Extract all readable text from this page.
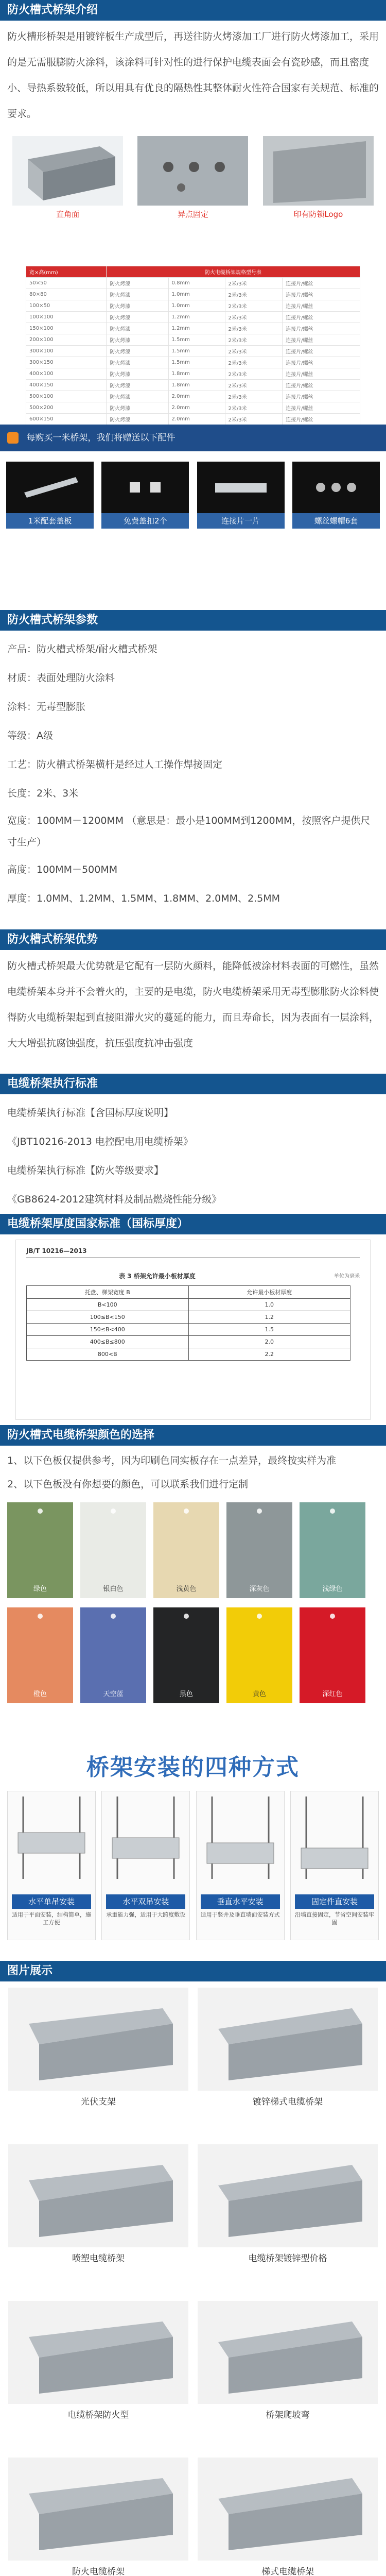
防火槽式桥架介绍
防火槽形桥架是用镀锌板生产成型后，再送往防火烤漆加工厂进行防火烤漆加工，采用的是无需服膨防火涂料，该涂料可针对性的进行保护电缆表面会有瓷砂感，而且密度小、导热系数较低，所以用具有优良的隔热性其整体耐火性符合国家有关规范、标准的要求。
直角面	异点固定	印有防锁Logo
宽×高(mm)	防火电缆桥架规格型号表			
50×50	防火烤漆	0.8mm	2米/3米	连接片/螺丝
80×80	防火烤漆	1.0mm	2米/3米	连接片/螺丝
100×50	防火烤漆	1.0mm	2米/3米	连接片/螺丝
100×100	防火烤漆	1.2mm	2米/3米	连接片/螺丝
150×100	防火烤漆	1.2mm	2米/3米	连接片/螺丝
200×100	防火烤漆	1.5mm	2米/3米	连接片/螺丝
300×100	防火烤漆	1.5mm	2米/3米	连接片/螺丝
300×150	防火烤漆	1.5mm	2米/3米	连接片/螺丝
400×100	防火烤漆	1.8mm	2米/3米	连接片/螺丝
400×150	防火烤漆	1.8mm	2米/3米	连接片/螺丝
500×100	防火烤漆	2.0mm	2米/3米	连接片/螺丝
500×200	防火烤漆	2.0mm	2米/3米	连接片/螺丝
600×150	防火烤漆	2.0mm	2米/3米	连接片/螺丝
每购买一米桥架，我们将赠送以下配件
1米配套盖板	免费盖扣2个	连接片一片	螺丝螺帽6套
防火槽式桥架参数
产品：防火槽式桥架/耐火槽式桥架
材质：表面处理防火涂料
涂料：无毒型膨胀
等级：A级
工艺：防火槽式桥架横杆是经过人工操作焊接固定
长度：2米、3米
宽度：100MM－1200MM （意思是：最小是100MM到1200MM，按照客户提供尺寸生产）
高度：100MM－500MM
厚度：1.0MM、1.2MM、1.5MM、1.8MM、2.0MM、2.5MM
防火槽式桥架优势
防火槽式桥架最大优势就是它配有一层防火颜料，能降低被涂材料表面的可燃性，虽然电缆桥架本身并不会着火的，主要的是电缆，防火电缆桥架采用无毒型膨胀防火涂料使得防火电缆桥架起到直接阻滞火灾的蔓延的能力，而且寿命长，因为表面有一层涂料，大大增强抗腐蚀强度，抗压强度抗冲击强度
电缆桥架执行标准
电缆桥架执行标准【含国标厚度说明】
《JBT10216-2013 电控配电用电缆桥架》
电缆桥架执行标准【防火等级要求】
《GB8624-2012建筑材料及制品燃烧性能分级》
电缆桥架厚度国家标准（国标厚度）
JB/T 10216—2013
表 3 桥架允许最小板材厚度	单位为毫米
托盘、梯架宽度 B	允许最小板材厚度
B<100	1.0
100≤B<150	1.2
150≤B<400	1.5
400≤B≤800	2.0
800<B	2.2
防火槽式电缆桥架颜色的选择
1、以下色板仅提供参考，因为印刷色同实板存在一点差异，最终按实样为准
2、以下色板没有你想要的颜色，可以联系我们进行定制
绿色	银白色	浅黄色	深灰色	浅绿色
橙色	天空蓝	黑色	黄色	深红色
桥架安装的四种方式
水平单吊安装
适用于平面安装，结构简单，施工方便
水平双吊安装
承重能力强，适用于大跨度敷设
垂直水平安装
适用于竖井及垂直墙面安装方式
固定件直安装
沿墙直接固定，节省空间安装牢固
图片展示
光伏支架	镀锌梯式电缆桥架
喷塑电缆桥架	电缆桥架镀锌型价格
电缆桥架防火型	桥架爬坡弯
防火电缆桥架	梯式电缆桥架
